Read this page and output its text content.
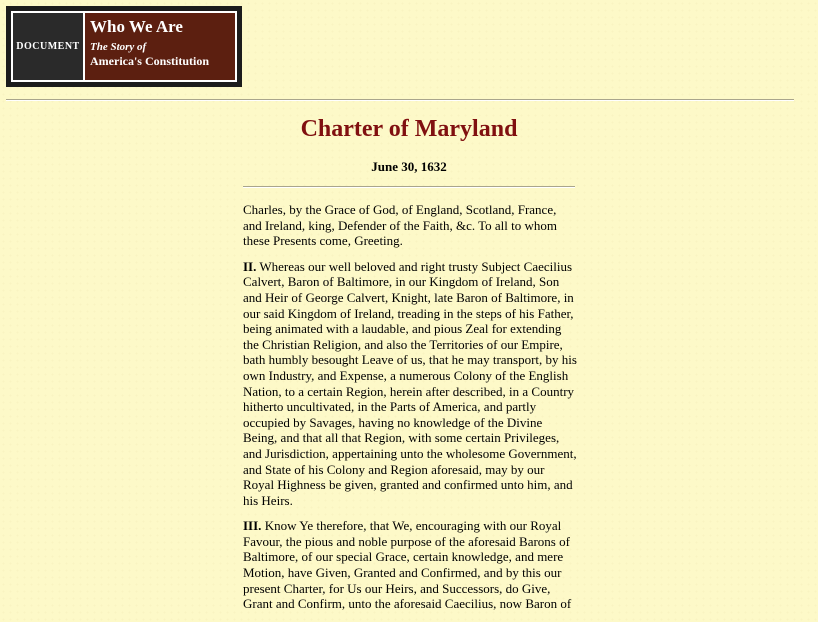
DOCUMENT
Who We Are
The Story of
America's Constitution
Charter of Maryland
June 30, 1632

Charles, by the Grace of God, of England, Scotland, France, and Ireland, king, Defender of the Faith, &c. To all to whom these Presents come, Greeting.

II. Whereas our well beloved and right trusty Subject Caecilius Calvert, Baron of Baltimore, in our Kingdom of Ireland, Son and Heir of George Calvert, Knight, late Baron of Baltimore, in our said Kingdom of Ireland, treading in the steps of his Father, being animated with a laudable, and pious Zeal for extending the Christian Religion, and also the Territories of our Empire, bath humbly besought Leave of us, that he may transport, by his own Industry, and Expense, a numerous Colony of the English Nation, to a certain Region, herein after described, in a Country hitherto uncultivated, in the Parts of America, and partly occupied by Savages, having no knowledge of the Divine Being, and that all that Region, with some certain Privileges, and Jurisdiction, appertaining unto the wholesome Government, and State of his Colony and Region aforesaid, may by our Royal Highness be given, granted and confirmed unto him, and his Heirs.

III. Know Ye therefore, that We, encouraging with our Royal Favour, the pious and noble purpose of the aforesaid Barons of Baltimore, of our special Grace, certain knowledge, and mere Motion, have Given, Granted and Confirmed, and by this our present Charter, for Us our Heirs, and Successors, do Give, Grant and Confirm, unto the aforesaid Caecilius, now Baron of
